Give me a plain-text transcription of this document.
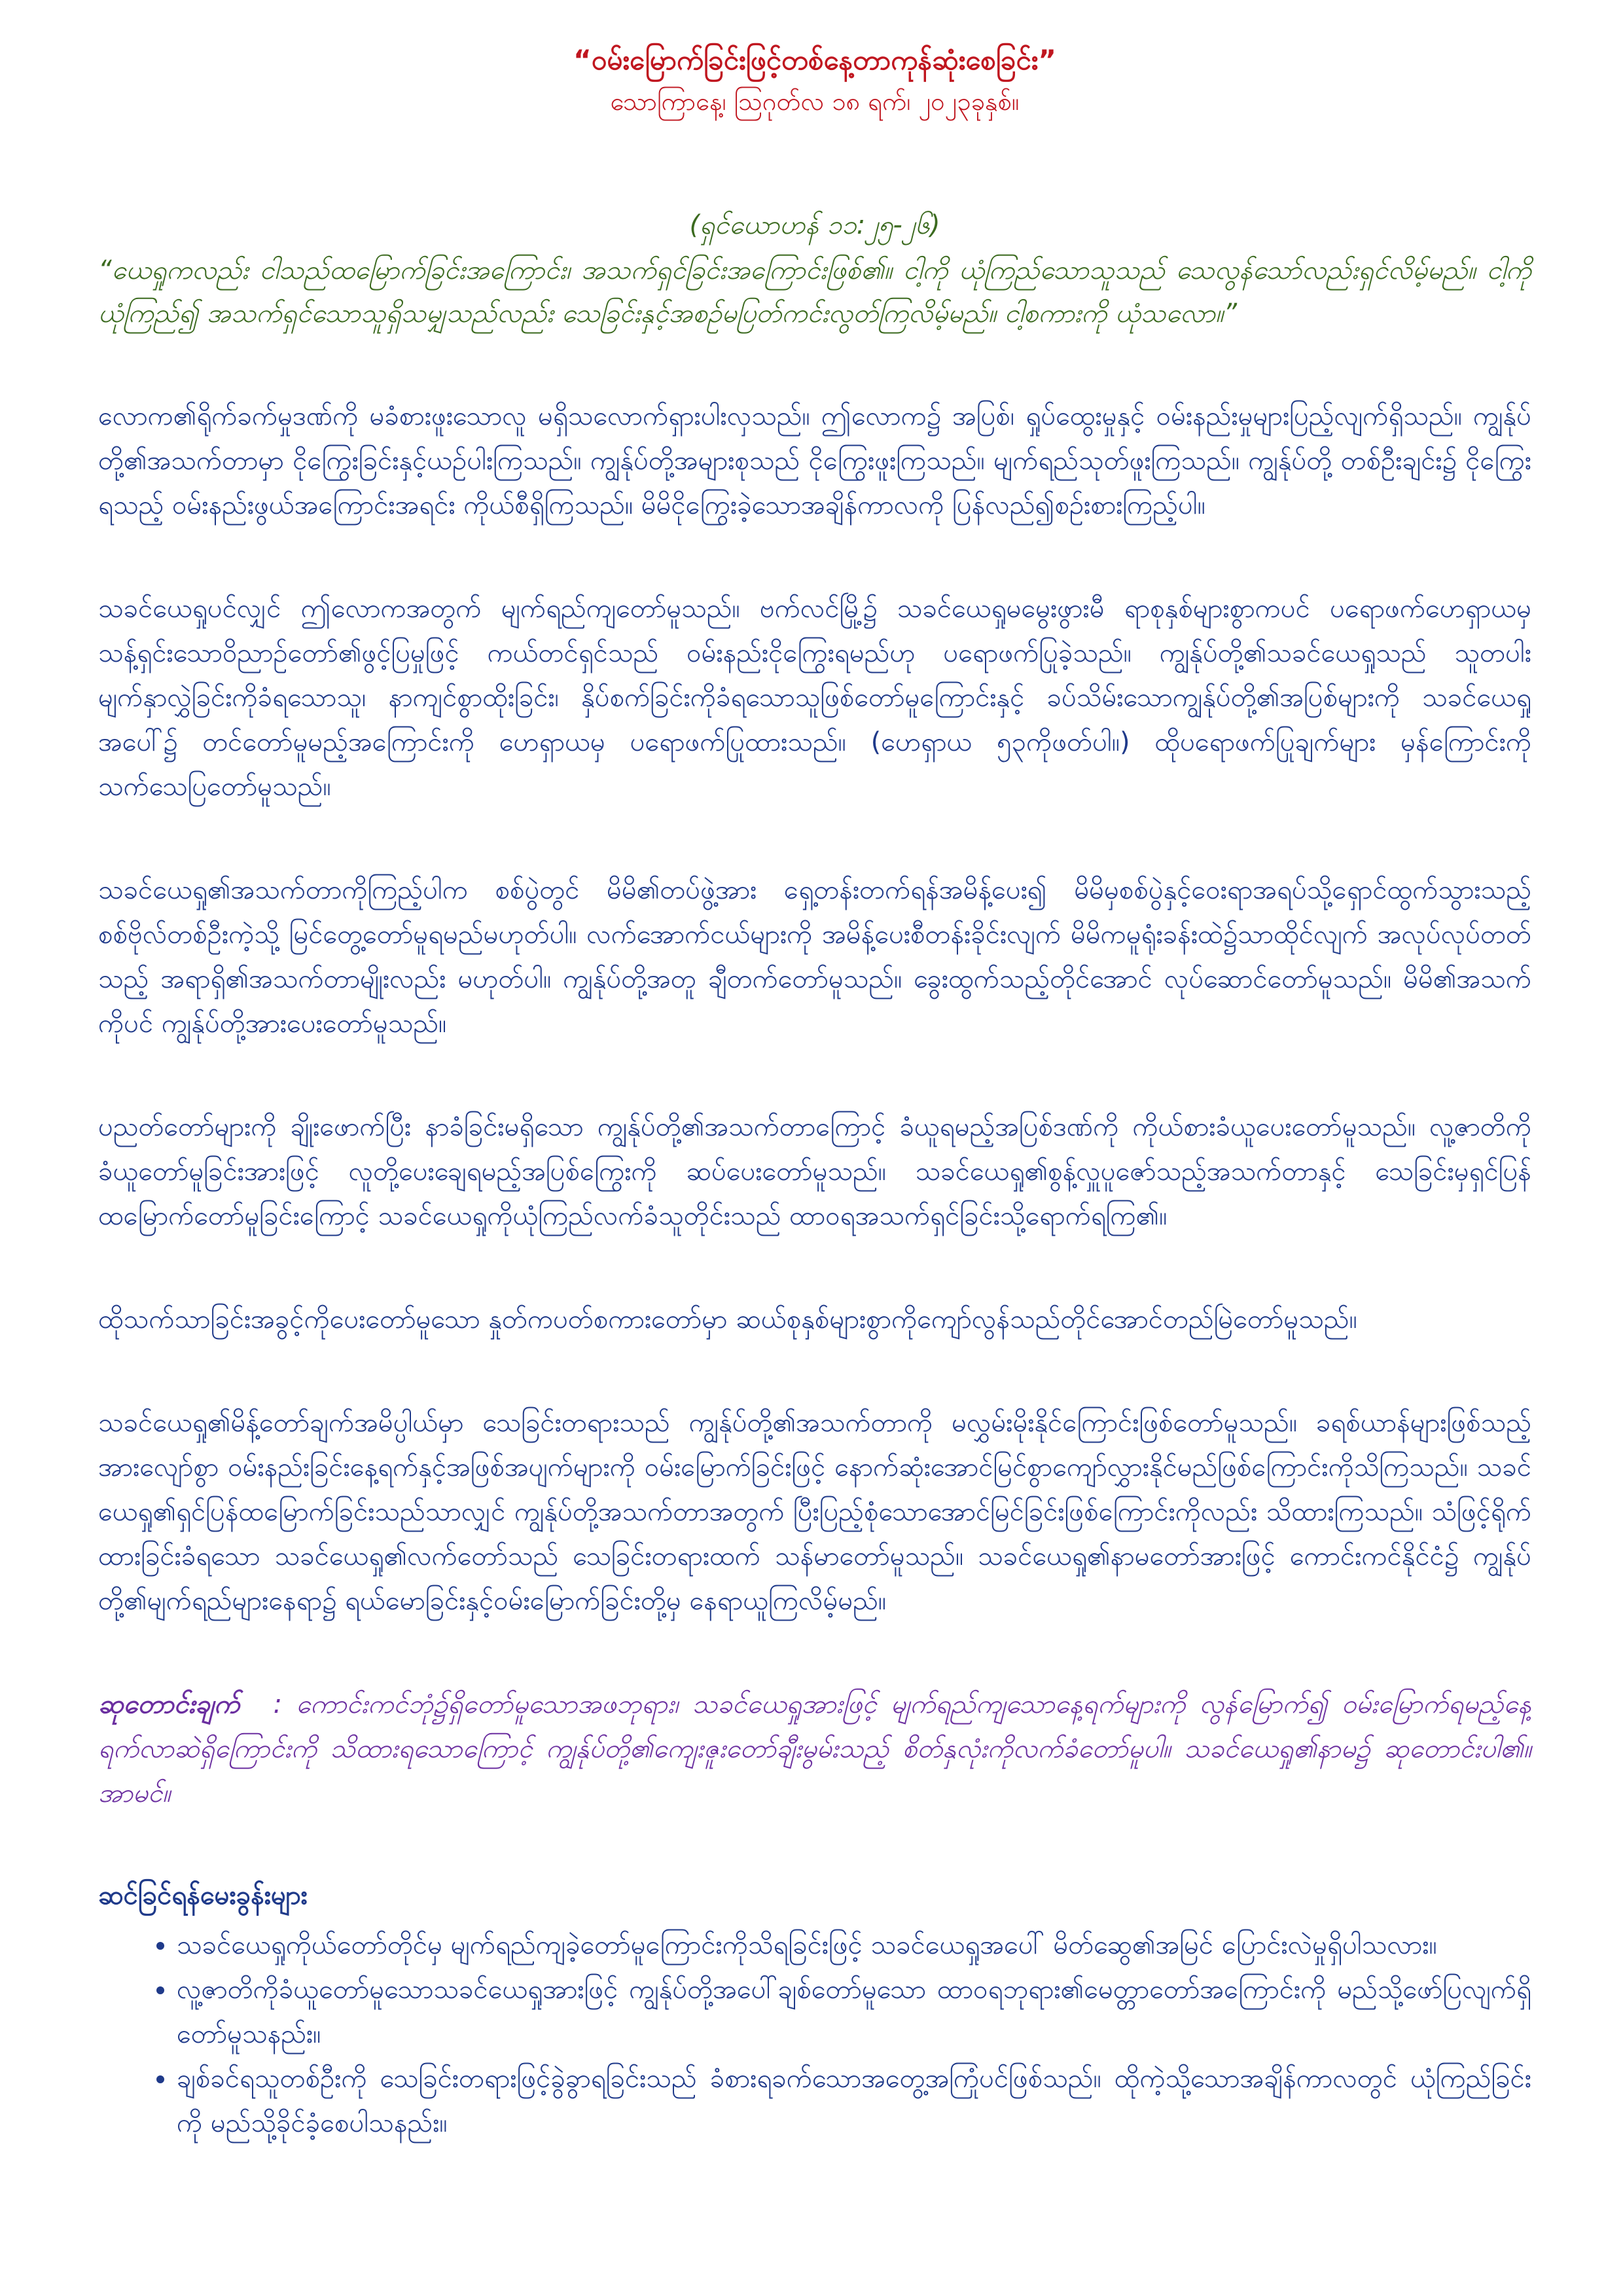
“ဝမ်းမြောက်ခြင်းဖြင့်တစ်နေ့တာကုန်ဆုံးစေခြင်း”

သောကြာနေ့၊ ဩဂုတ်လ ၁၈ ရက်၊ ၂၀၂၃ခုနှစ်။

(ရှင်ယောဟန် ၁၁:၂၅-၂၆)

“ယေရှုကလည်း ငါသည်ထမြောက်ခြင်းအကြောင်း၊ အသက်ရှင်ခြင်းအကြောင်းဖြစ်၏။ ငါ့ကို ယုံကြည်သောသူသည် သေလွန်သော်လည်းရှင်လိမ့်မည်။ ငါ့ကိုယုံကြည်၍ အသက်ရှင်သောသူရှိသမျှသည်လည်း သေခြင်းနှင့်အစဉ်မပြတ်ကင်းလွတ်ကြလိမ့်မည်။ ငါ့စကားကို ယုံသလော။”

လောက၏ရိုက်ခက်မှုဒဏ်ကို မခံစားဖူးသောလူ မရှိသလောက်ရှားပါးလှသည်။ ဤလောက၌ အပြစ်၊ ရှုပ်ထွေးမှုနှင့် ဝမ်းနည်းမှုများပြည့်လျက်ရှိသည်။ ကျွန်ုပ်တို့၏အသက်တာမှာ ငိုကြွေးခြင်းနှင့်ယဉ်ပါးကြသည်။ ကျွန်ုပ်တို့အများစုသည် ငိုကြွေးဖူးကြသည်။ မျက်ရည်သုတ်ဖူးကြသည်။ ကျွန်ုပ်တို့ တစ်ဦးချင်း၌ ငိုကြွေးရသည့် ဝမ်းနည်းဖွယ်အကြောင်းအရင်း ကိုယ်စီရှိကြသည်။ မိမိငိုကြွေးခဲ့သောအချိန်ကာလကို ပြန်လည်၍စဉ်းစားကြည့်ပါ။

သခင်ယေရှုပင်လျှင် ဤလောကအတွက် မျက်ရည်ကျတော်မူသည်။ ဗက်လင်မြို့၌ သခင်ယေရှုမမွေးဖွားမီ ရာစုနှစ်များစွာကပင် ပရောဖက်ဟေရှာယမှ သန့်ရှင်းသောဝိညာဉ်တော်၏ဖွင့်ပြမှုဖြင့် ကယ်တင်ရှင်သည် ဝမ်းနည်းငိုကြွေးရမည်ဟု ပရောဖက်ပြုခဲ့သည်။ ကျွန်ုပ်တို့၏သခင်ယေရှုသည် သူတပါး မျက်နှာလွှဲခြင်းကိုခံရသောသူ၊ နာကျင်စွာထိုးခြင်း၊ နှိပ်စက်ခြင်းကိုခံရသောသူဖြစ်တော်မူကြောင်းနှင့် ခပ်သိမ်းသောကျွန်ုပ်တို့၏အပြစ်များကို သခင်ယေရှုအပေါ်၌ တင်တော်မူမည့်အကြောင်းကို ဟေရှာယမှ ပရောဖက်ပြုထားသည်။ (ဟေရှာယ ၅၃ကိုဖတ်ပါ။) ထိုပရောဖက်ပြုချက်များ မှန်ကြောင်းကို သက်သေပြတော်မူသည်။

သခင်ယေရှု၏အသက်တာကိုကြည့်ပါက စစ်ပွဲတွင် မိမိ၏တပ်ဖွဲ့အား ရှေ့တန်းတက်ရန်အမိန့်ပေး၍ မိမိမှစစ်ပွဲနှင့်ဝေးရာအရပ်သို့ရှောင်ထွက်သွားသည့် စစ်ဗိုလ်တစ်ဦးကဲ့သို့ မြင်တွေ့တော်မူရမည်မဟုတ်ပါ။ လက်အောက်ငယ်များကို အမိန့်ပေးစီတန်းခိုင်းလျက် မိမိကမူရုံးခန်းထဲ၌သာထိုင်လျက် အလုပ်လုပ်တတ်သည့် အရာရှိ၏အသက်တာမျိုးလည်း မဟုတ်ပါ။ ကျွန်ုပ်တို့အတူ ချီတက်တော်မူသည်။ ခွေးထွက်သည့်တိုင်အောင် လုပ်ဆောင်တော်မူသည်။ မိမိ၏အသက်ကိုပင် ကျွန်ုပ်တို့အားပေးတော်မူသည်။

ပညတ်တော်များကို ချိုးဖောက်ပြီး နာခံခြင်းမရှိသော ကျွန်ုပ်တို့၏အသက်တာကြောင့် ခံယူရမည့်အပြစ်ဒဏ်ကို ကိုယ်စားခံယူပေးတော်မူသည်။ လူ့ဇာတိကိုခံယူတော်မူခြင်းအားဖြင့် လူတို့ပေးချေရမည့်အပြစ်ကြွေးကို ဆပ်ပေးတော်မူသည်။ သခင်ယေရှု၏စွန့်လှူပူဇော်သည့်အသက်တာနှင့် သေခြင်းမှရှင်ပြန်ထမြောက်တော်မူခြင်းကြောင့် သခင်ယေရှုကိုယုံကြည်လက်ခံသူတိုင်းသည် ထာဝရအသက်ရှင်ခြင်းသို့ရောက်ရကြ၏။

ထိုသက်သာခြင်းအခွင့်ကိုပေးတော်မူသော နှုတ်ကပတ်စကားတော်မှာ ဆယ်စုနှစ်များစွာကိုကျော်လွန်သည်တိုင်အောင်တည်မြဲတော်မူသည်။

သခင်ယေရှု၏မိန့်တော်ချက်အမိပ္ပါယ်မှာ သေခြင်းတရားသည် ကျွန်ုပ်တို့၏အသက်တာကို မလွှမ်းမိုးနိုင်ကြောင်းဖြစ်တော်မူသည်။ ခရစ်ယာန်များဖြစ်သည့်အားလျော်စွာ ဝမ်းနည်းခြင်းနေ့ရက်နှင့်အဖြစ်အပျက်များကို ဝမ်းမြောက်ခြင်းဖြင့် နောက်ဆုံးအောင်မြင်စွာကျော်လွှားနိုင်မည်ဖြစ်ကြောင်းကိုသိကြသည်။ သခင်ယေရှု၏ရှင်ပြန်ထမြောက်ခြင်းသည်သာလျှင် ကျွန်ုပ်တို့အသက်တာအတွက် ပြီးပြည့်စုံသောအောင်မြင်ခြင်းဖြစ်ကြောင်းကိုလည်း သိထားကြသည်။ သံဖြင့်ရိုက်ထားခြင်းခံရသော သခင်ယေရှု၏လက်တော်သည် သေခြင်းတရားထက် သန်မာတော်မူသည်။ သခင်ယေရှု၏နာမတော်အားဖြင့် ကောင်းကင်နိုင်ငံ၌ ကျွန်ုပ်တို့၏မျက်ရည်များနေရာ၌ ရယ်မောခြင်းနှင့်ဝမ်းမြောက်ခြင်းတို့မှ နေရာယူကြလိမ့်မည်။

ဆုတောင်းချက် : ကောင်းကင်ဘုံ၌ရှိတော်မူသောအဖဘုရား၊ သခင်ယေရှုအားဖြင့် မျက်ရည်ကျသောနေ့ရက်များကို လွန်မြောက်၍ ဝမ်းမြောက်ရမည့်နေ့ရက်လာဆဲရှိကြောင်းကို သိထားရသောကြောင့် ကျွန်ုပ်တို့၏ကျေးဇူးတော်ချီးမွမ်းသည့် စိတ်နှလုံးကိုလက်ခံတော်မူပါ။ သခင်ယေရှု၏နာမ၌ ဆုတောင်းပါ၏။ အာမင်။

ဆင်ခြင်ရန်မေးခွန်းများ

• သခင်ယေရှုကိုယ်တော်တိုင်မှ မျက်ရည်ကျခဲ့တော်မူကြောင်းကိုသိရခြင်းဖြင့် သခင်ယေရှုအပေါ် မိတ်ဆွေ၏အမြင် ပြောင်းလဲမှုရှိပါသလား။
• လူ့ဇာတိကိုခံယူတော်မူသောသခင်ယေရှုအားဖြင့် ကျွန်ုပ်တို့အပေါ်ချစ်တော်မူသော ထာဝရဘုရား၏မေတ္တာတော်အကြောင်းကို မည်သို့ဖော်ပြလျက်ရှိတော်မူသနည်း။
• ချစ်ခင်ရသူတစ်ဦးကို သေခြင်းတရားဖြင့်ခွဲခွာရခြင်းသည် ခံစားရခက်သောအတွေ့အကြုံပင်ဖြစ်သည်။ ထိုကဲ့သို့သောအချိန်ကာလတွင် ယုံကြည်ခြင်းကို မည်သို့ခိုင်ခံ့စေပါသနည်း။
